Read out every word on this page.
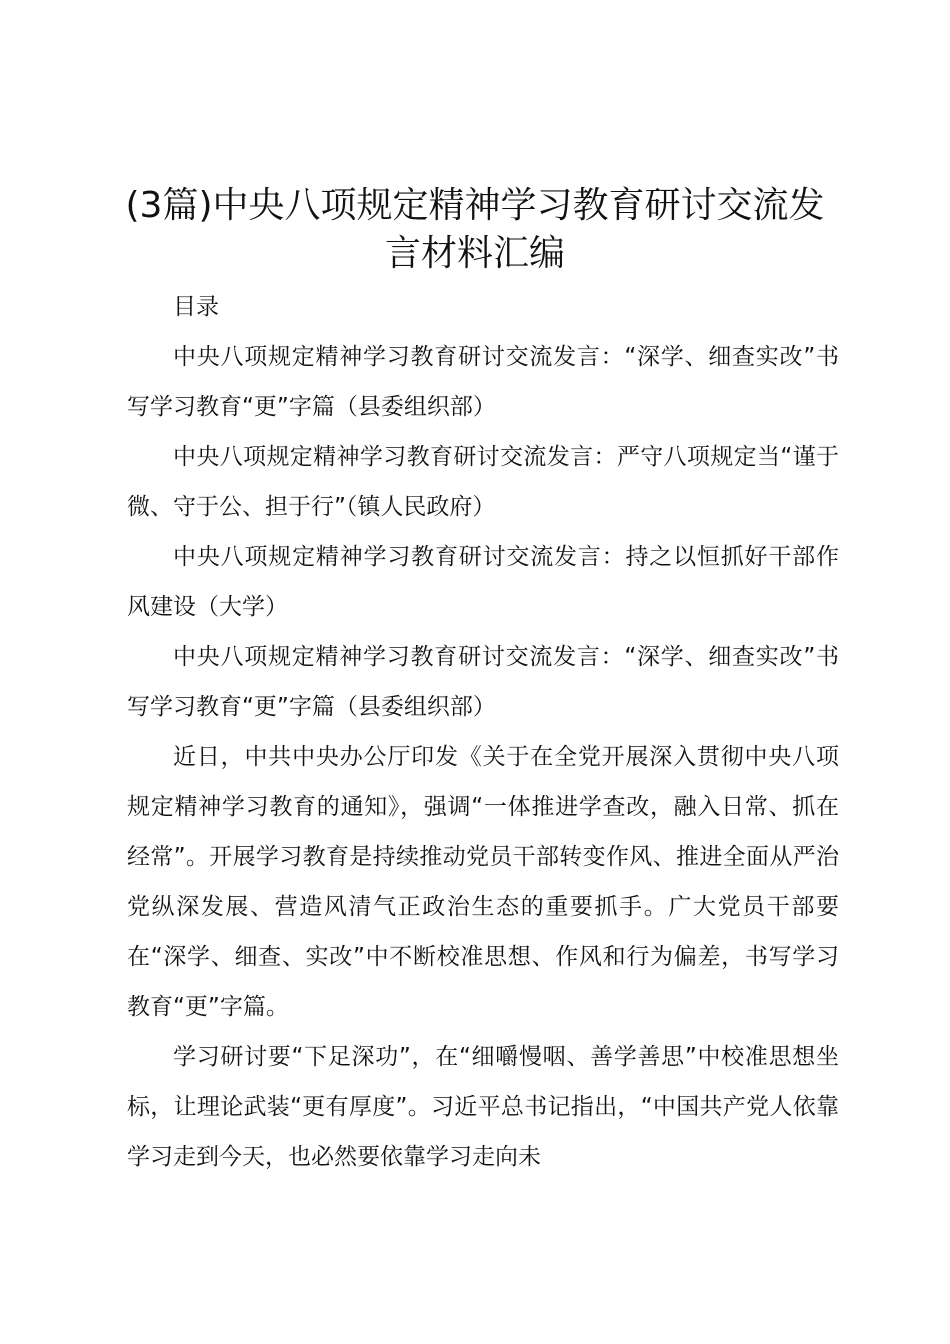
(3篇)中央八项规定精神学习教育研讨交流发言材料汇编

目录

中央八项规定精神学习教育研讨交流发言：“深学、细查实改”书写学习教育“更”字篇（县委组织部）

中央八项规定精神学习教育研讨交流发言：严守八项规定当“谨于微、守于公、担于行”（镇人民政府）

中央八项规定精神学习教育研讨交流发言：持之以恒抓好干部作风建设（大学）

中央八项规定精神学习教育研讨交流发言：“深学、细查实改”书写学习教育“更”字篇（县委组织部）

近日，中共中央办公厅印发《关于在全党开展深入贯彻中央八项规定精神学习教育的通知》，强调“一体推进学查改，融入日常、抓在经常”。开展学习教育是持续推动党员干部转变作风、推进全面从严治党纵深发展、营造风清气正政治生态的重要抓手。广大党员干部要在“深学、细查、实改”中不断校准思想、作风和行为偏差，书写学习教育“更”字篇。

学习研讨要“下足深功”，在“细嚼慢咽、善学善思”中校准思想坐标，让理论武装“更有厚度”。习近平总书记指出，“中国共产党人依靠学习走到今天，也必然要依靠学习走向未
